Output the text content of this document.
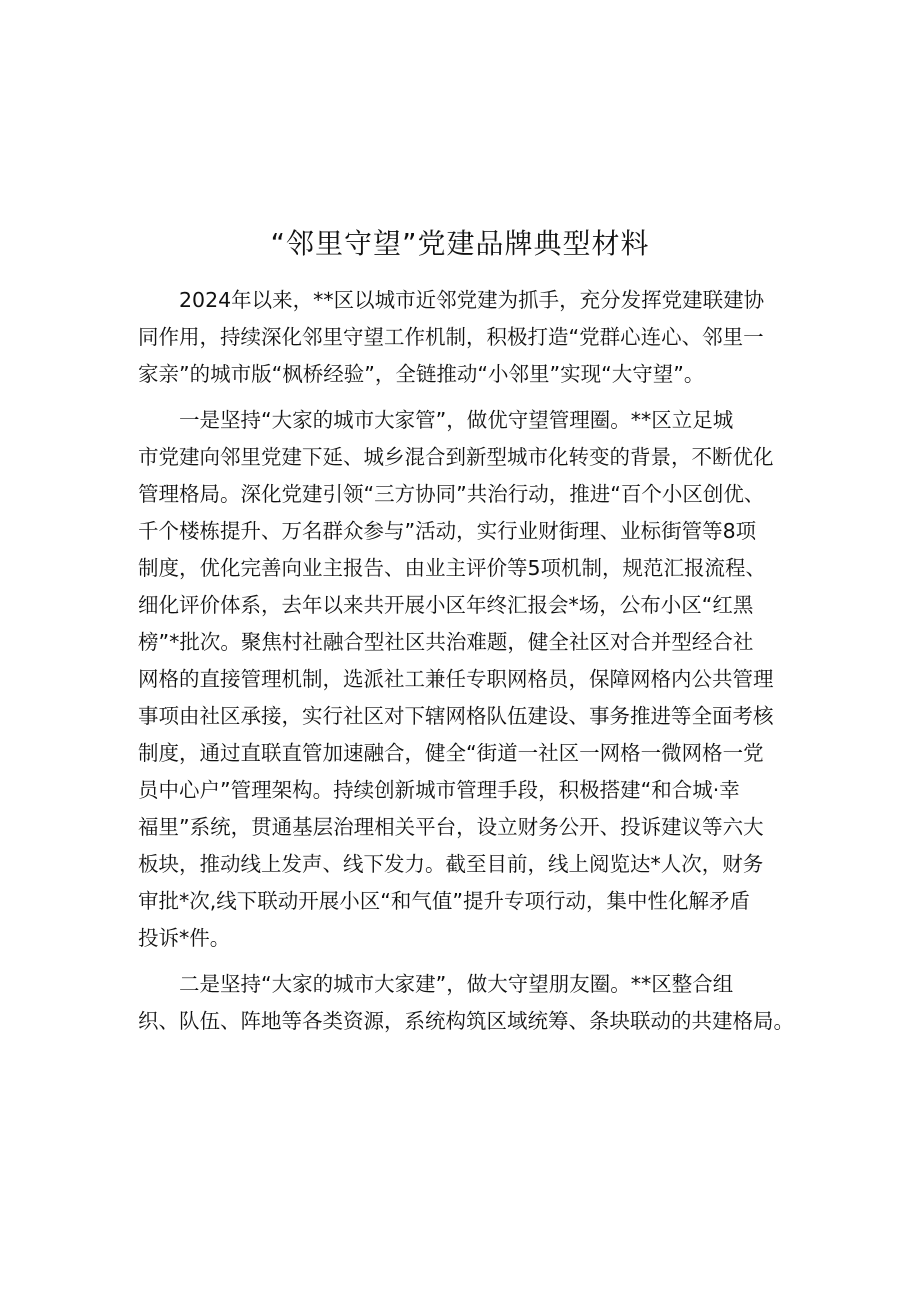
“邻里守望”党建品牌典型材料

　　2024年以来，**区以城市近邻党建为抓手，充分发挥党建联建协
同作用，持续深化邻里守望工作机制，积极打造“党群心连心、邻里一
家亲”的城市版“枫桥经验”，全链推动“小邻里”实现“大守望”。

　　一是坚持“大家的城市大家管”，做优守望管理圈。**区立足城
市党建向邻里党建下延、城乡混合到新型城市化转变的背景，不断优化
管理格局。深化党建引领“三方协同”共治行动，推进“百个小区创优、
千个楼栋提升、万名群众参与”活动，实行业财街理、业标街管等8项
制度，优化完善向业主报告、由业主评价等5项机制，规范汇报流程、
细化评价体系，去年以来共开展小区年终汇报会*场，公布小区“红黑
榜”*批次。聚焦村社融合型社区共治难题，健全社区对合并型经合社
网格的直接管理机制，选派社工兼任专职网格员，保障网格内公共管理
事项由社区承接，实行社区对下辖网格队伍建设、事务推进等全面考核
制度，通过直联直管加速融合，健全“街道一社区一网格一微网格一党
员中心户”管理架构。持续创新城市管理手段，积极搭建“和合城·幸
福里”系统，贯通基层治理相关平台，设立财务公开、投诉建议等六大
板块，推动线上发声、线下发力。截至目前，线上阅览达*人次，财务
审批*次,线下联动开展小区“和气值”提升专项行动，集中性化解矛盾
投诉*件。

　　二是坚持“大家的城市大家建”，做大守望朋友圈。**区整合组
织、队伍、阵地等各类资源，系统构筑区域统筹、条块联动的共建格局。
